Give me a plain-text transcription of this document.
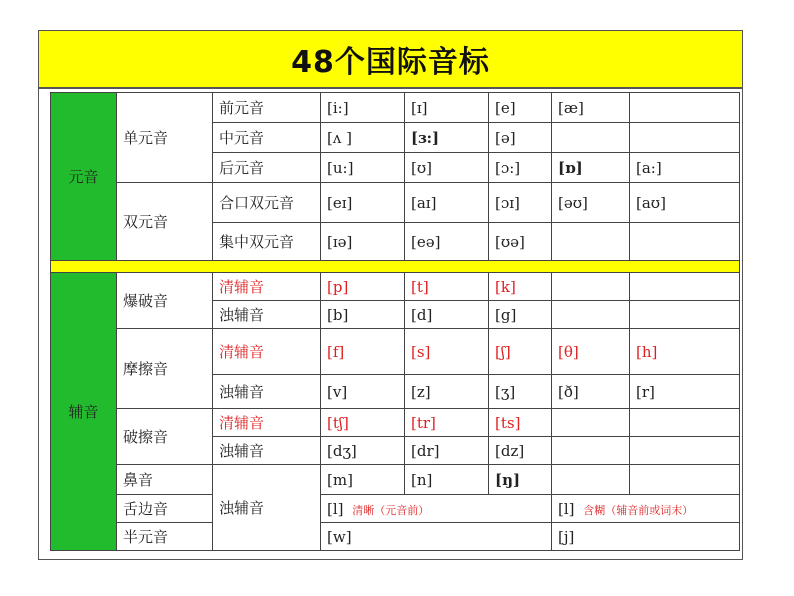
48个国际音标
元音	单元音	前元音	[i:]	[ɪ]	[e]	[æ]	
		中元音	[ʌ ]	[ɜ:]	[ə]		
		后元音	[u:]	[ʊ]	[ɔ:]	[ɒ]	[a:]
	双元音	合口双元音	[eɪ]	[aɪ]	[ɔɪ]	[əʊ]	[aʊ]
		集中双元音	[ɪə]	[eə]	[ʊə]		

辅音	爆破音	清辅音	[p]	[t]	[k]		
		浊辅音	[b]	[d]	[g]		
	摩擦音	清辅音	[f]	[s]	[ʃ]	[θ]	[h]
		浊辅音	[v]	[z]	[ʒ]	[ð]	[r]
	破擦音	清辅音	[tʃ]	[tr]	[ts]		
		浊辅音	[dʒ]	[dr]	[dz]		
	鼻音	浊辅音	[m]	[n]	[ŋ]		
	舌边音		[l] 清晰（元音前）			[l] 含糊（辅音前或词末）	
	半元音		[w]			[j]	
